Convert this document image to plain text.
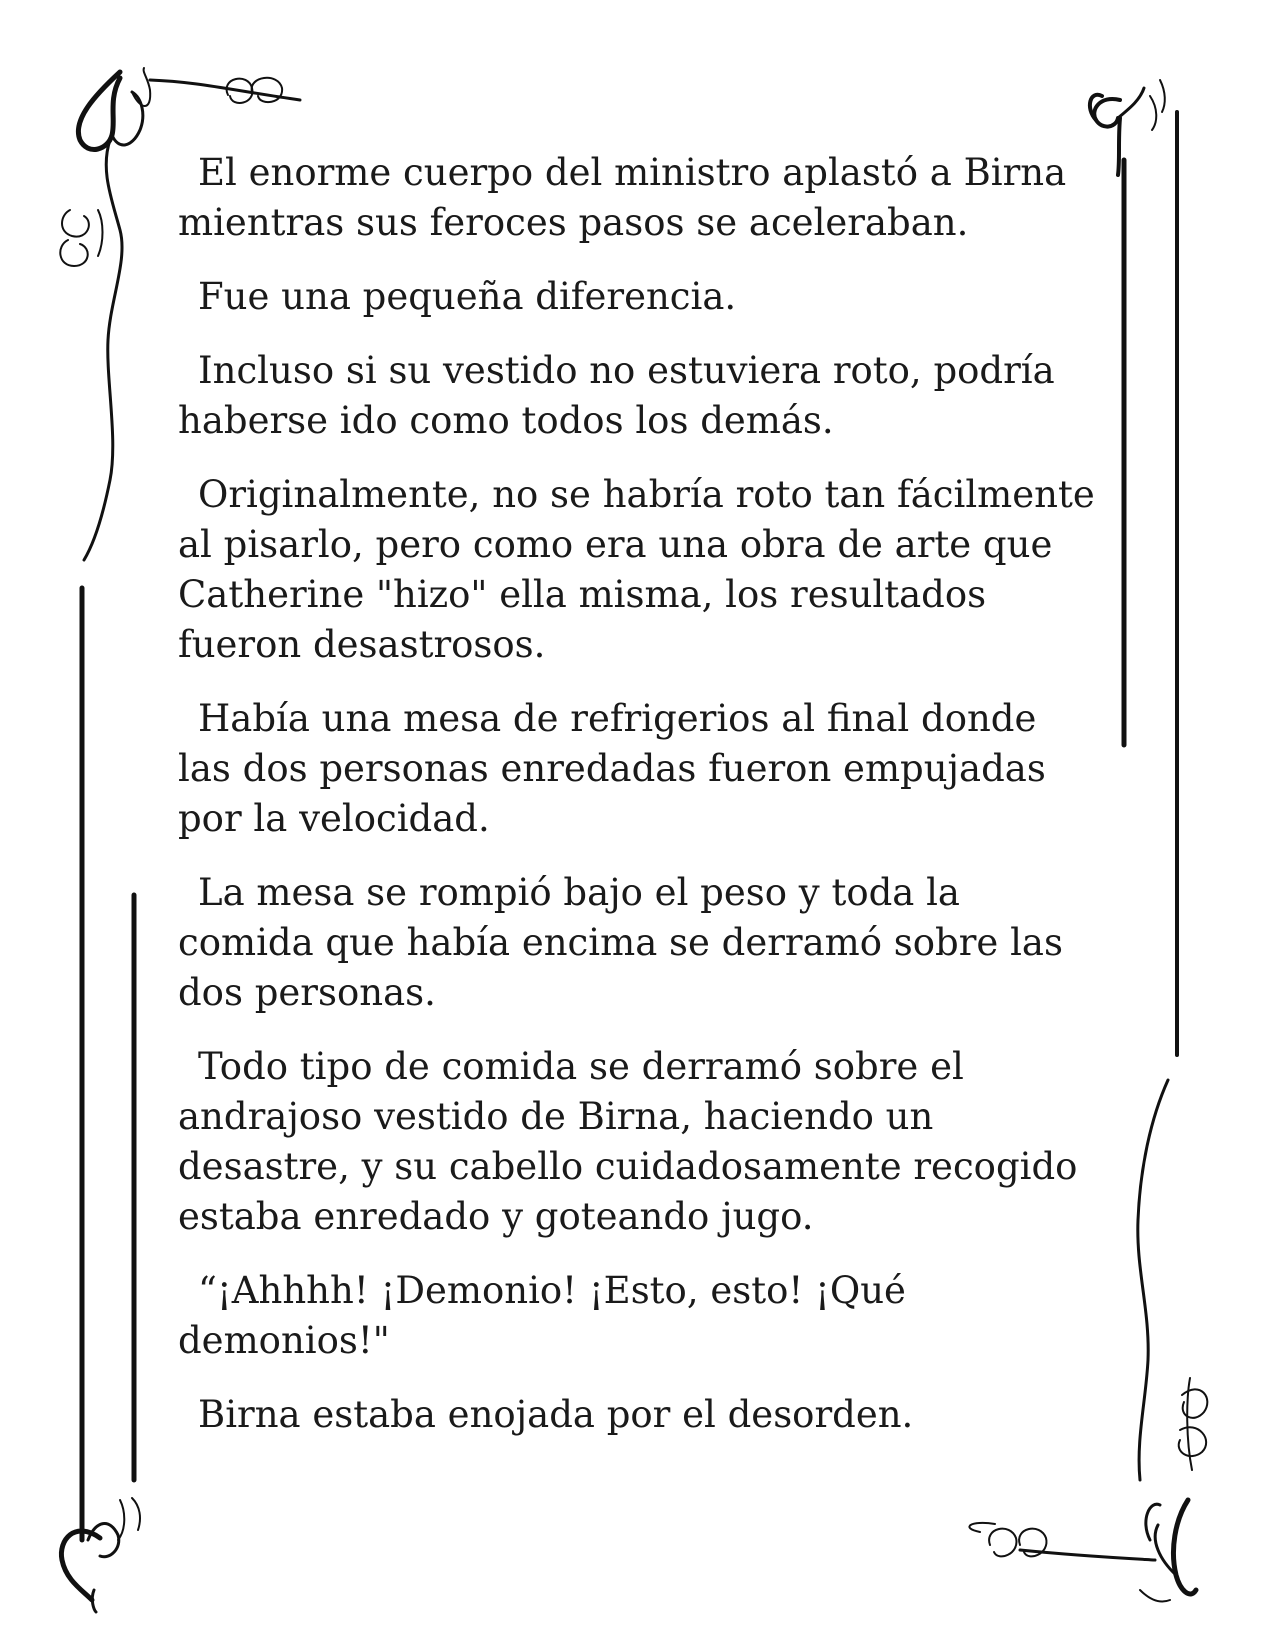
El enorme cuerpo del ministro aplastó a Birna mientras sus feroces pasos se aceleraban.

Fue una pequeña diferencia.

Incluso si su vestido no estuviera roto, podría haberse ido como todos los demás.

Originalmente, no se habría roto tan fácilmente al pisarlo, pero como era una obra de arte que Catherine "hizo" ella misma, los resultados fueron desastrosos.

Había una mesa de refrigerios al final donde las dos personas enredadas fueron empujadas por la velocidad.

La mesa se rompió bajo el peso y toda la comida que había encima se derramó sobre las dos personas.

Todo tipo de comida se derramó sobre el andrajoso vestido de Birna, haciendo un desastre, y su cabello cuidadosamente recogido estaba enredado y goteando jugo.

“¡Ahhhh! ¡Demonio! ¡Esto, esto! ¡Qué demonios!"

Birna estaba enojada por el desorden.
